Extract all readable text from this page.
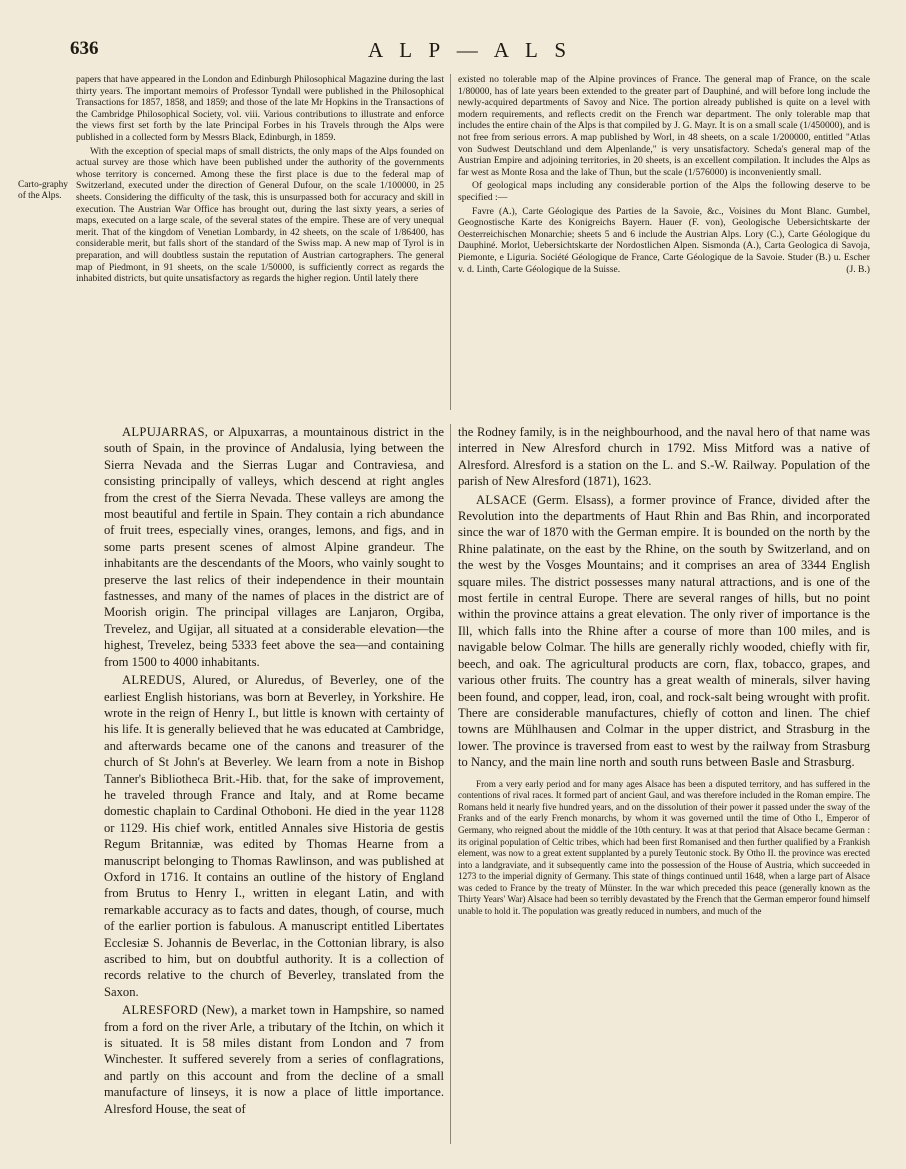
636	A L P — A L S
Carto-graphy of the Alps.

papers that have appeared in the London and Edinburgh Philosophical Magazine during the last thirty years. The important memoirs of Professor Tyndall were published in the Philosophical Transactions for 1857, 1858, and 1859; and those of the late Mr Hopkins in the Transactions of the Cambridge Philosophical Society, vol. viii. Various contributions to illustrate and enforce the views first set forth by the late Principal Forbes in his Travels through the Alps were published in a collected form by Messrs Black, Edinburgh, in 1859.

With the exception of special maps of small districts, the only maps of the Alps founded on actual survey are those which have been published under the authority of the governments whose territory is concerned. Among these the first place is due to the federal map of Switzerland, executed under the direction of General Dufour, on the scale 1/100000, in 25 sheets. Considering the difficulty of the task, this is unsurpassed both for accuracy and skill in execution. The Austrian War Office has brought out, during the last sixty years, a series of maps, executed on a large scale, of the several states of the empire. These are of very unequal merit. That of the kingdom of Venetian Lombardy, in 42 sheets, on the scale of 1/86400, has considerable merit, but falls short of the standard of the Swiss map. A new map of Tyrol is in preparation, and will doubtless sustain the reputation of Austrian cartographers. The general map of Piedmont, in 91 sheets, on the scale 1/50000, is sufficiently correct as regards the inhabited districts, but quite unsatisfactory as regards the higher region. Until lately there

existed no tolerable map of the Alpine provinces of France. The general map of France, on the scale 1/80000, has of late years been extended to the greater part of Dauphiné, and will before long include the newly-acquired departments of Savoy and Nice. The portion already published is quite on a level with modern requirements, and reflects credit on the French war department. The only tolerable map that includes the entire chain of the Alps is that compiled by J. G. Mayr. It is on a small scale (1/450000), and is not free from serious errors. A map published by Worl, in 48 sheets, on a scale 1/200000, entitled "Atlas von Sudwest Deutschland und dem Alpenlande," is very unsatisfactory. Scheda's general map of the Austrian Empire and adjoining territories, in 20 sheets, is an excellent compilation. It includes the Alps as far west as Monte Rosa and the lake of Thun, but the scale (1/576000) is inconveniently small.

Of geological maps including any considerable portion of the Alps the following deserve to be specified :—

Favre (A.), Carte Géologique des Parties de la Savoie, &c., Voisines du Mont Blanc. Gumbel, Geognostische Karte des Konigreichs Bayern. Hauer (F. von), Geologische Uebersichtskarte der Oesterreichischen Monarchie; sheets 5 and 6 include the Austrian Alps. Lory (C.), Carte Géologique du Dauphiné. Morlot, Uebersichtskarte der Nordostlichen Alpen. Sismonda (A.), Carta Geologica di Savoja, Piemonte, e Liguria. Société Géologique de France, Carte Géologique de la Savoie. Studer (B.) u. Escher v. d. Linth, Carte Géologique de la Suisse.	(J. B.)

ALPUJARRAS, or Alpuxarras, a mountainous district in the south of Spain, in the province of Andalusia, lying between the Sierra Nevada and the Sierras Lugar and Contraviesa, and consisting principally of valleys, which descend at right angles from the crest of the Sierra Nevada. These valleys are among the most beautiful and fertile in Spain. They contain a rich abundance of fruit trees, especially vines, oranges, lemons, and figs, and in some parts present scenes of almost Alpine grandeur. The inhabitants are the descendants of the Moors, who vainly sought to preserve the last relics of their independence in their mountain fastnesses, and many of the names of places in the district are of Moorish origin. The principal villages are Lanjaron, Orgiba, Trevelez, and Ugijar, all situated at a considerable elevation—the highest, Trevelez, being 5333 feet above the sea—and containing from 1500 to 4000 inhabitants.

ALREDUS, Alured, or Aluredus, of Beverley, one of the earliest English historians, was born at Beverley, in Yorkshire. He wrote in the reign of Henry I., but little is known with certainty of his life. It is generally believed that he was educated at Cambridge, and afterwards became one of the canons and treasurer of the church of St John's at Beverley. We learn from a note in Bishop Tanner's Bibliotheca Brit.-Hib. that, for the sake of improvement, he traveled through France and Italy, and at Rome became domestic chaplain to Cardinal Othoboni. He died in the year 1128 or 1129. His chief work, entitled Annales sive Historia de gestis Regum Britanniæ, was edited by Thomas Hearne from a manuscript belonging to Thomas Rawlinson, and was published at Oxford in 1716. It contains an outline of the history of England from Brutus to Henry I., written in elegant Latin, and with remarkable accuracy as to facts and dates, though, of course, much of the earlier portion is fabulous. A manuscript entitled Libertates Ecclesiæ S. Johannis de Beverlac, in the Cottonian library, is also ascribed to him, but on doubtful authority. It is a collection of records relative to the church of Beverley, translated from the Saxon.

ALRESFORD (New), a market town in Hampshire, so named from a ford on the river Arle, a tributary of the Itchin, on which it is situated. It is 58 miles distant from London and 7 from Winchester. It suffered severely from a series of conflagrations, and partly on this account and from the decline of a small manufacture of linseys, it is now a place of little importance. Alresford House, the seat of

the Rodney family, is in the neighbourhood, and the naval hero of that name was interred in New Alresford church in 1792. Miss Mitford was a native of Alresford. Alresford is a station on the L. and S.-W. Railway. Population of the parish of New Alresford (1871), 1623.

ALSACE (Germ. Elsass), a former province of France, divided after the Revolution into the departments of Haut Rhin and Bas Rhin, and incorporated since the war of 1870 with the German empire. It is bounded on the north by the Rhine palatinate, on the east by the Rhine, on the south by Switzerland, and on the west by the Vosges Mountains; and it comprises an area of 3344 English square miles. The district possesses many natural attractions, and is one of the most fertile in central Europe. There are several ranges of hills, but no point within the province attains a great elevation. The only river of importance is the Ill, which falls into the Rhine after a course of more than 100 miles, and is navigable below Colmar. The hills are generally richly wooded, chiefly with fir, beech, and oak. The agricultural products are corn, flax, tobacco, grapes, and various other fruits. The country has a great wealth of minerals, silver having been found, and copper, lead, iron, coal, and rock-salt being wrought with profit. There are considerable manufactures, chiefly of cotton and linen. The chief towns are Mühlhausen and Colmar in the upper district, and Strasburg in the lower. The province is traversed from east to west by the railway from Strasburg to Nancy, and the main line north and south runs between Basle and Strasburg.

From a very early period and for many ages Alsace has been a disputed territory, and has suffered in the contentions of rival races. It formed part of ancient Gaul, and was therefore included in the Roman empire. The Romans held it nearly five hundred years, and on the dissolution of their power it passed under the sway of the Franks and of the early French monarchs, by whom it was governed until the time of Otho I., Emperor of Germany, who reigned about the middle of the 10th century. It was at that period that Alsace became German : its original population of Celtic tribes, which had been first Romanised and then further qualified by a Frankish element, was now to a great extent supplanted by a purely Teutonic stock. By Otho II. the province was erected into a landgraviate, and it subsequently came into the possession of the House of Austria, which succeeded in 1273 to the imperial dignity of Germany. This state of things continued until 1648, when a large part of Alsace was ceded to France by the treaty of Münster. In the war which preceded this peace (generally known as the Thirty Years' War) Alsace had been so terribly devastated by the French that the German emperor found himself unable to hold it. The population was greatly reduced in numbers, and much of the
